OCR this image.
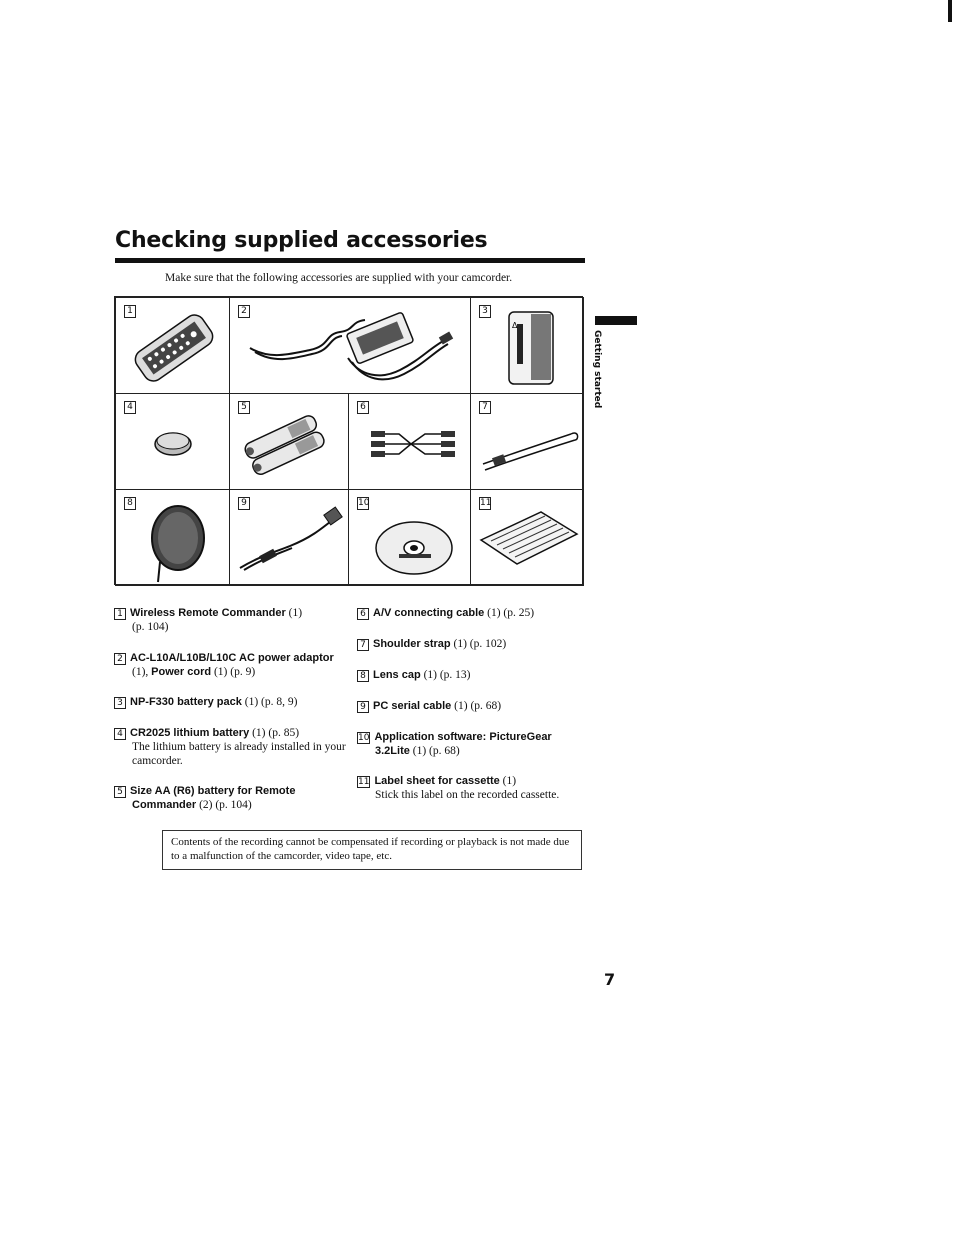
Checking supplied accessories
Make sure that the following accessories are supplied with your camcorder.
Getting started
1	2	3
Δ
4	5	6	7
8	9	10	11
1 Wireless Remote Commander (1)
(p. 104)
2 AC-L10A/L10B/L10C AC power adaptor
(1), Power cord (1) (p. 9)
3 NP-F330 battery pack (1) (p. 8, 9)
4 CR2025 lithium battery (1) (p. 85)
The lithium battery is already installed in your camcorder.
5 Size AA (R6) battery for Remote
Commander (2) (p. 104)
6 A/V connecting cable (1) (p. 25)
7 Shoulder strap (1) (p. 102)
8 Lens cap (1) (p. 13)
9 PC serial cable (1) (p. 68)
10 Application software: PictureGear
3.2Lite (1) (p. 68)
11 Label sheet for cassette (1)
Stick this label on the recorded cassette.
Contents of the recording cannot be compensated if recording or playback is not made due to a malfunction of the camcorder, video tape, etc.
7
